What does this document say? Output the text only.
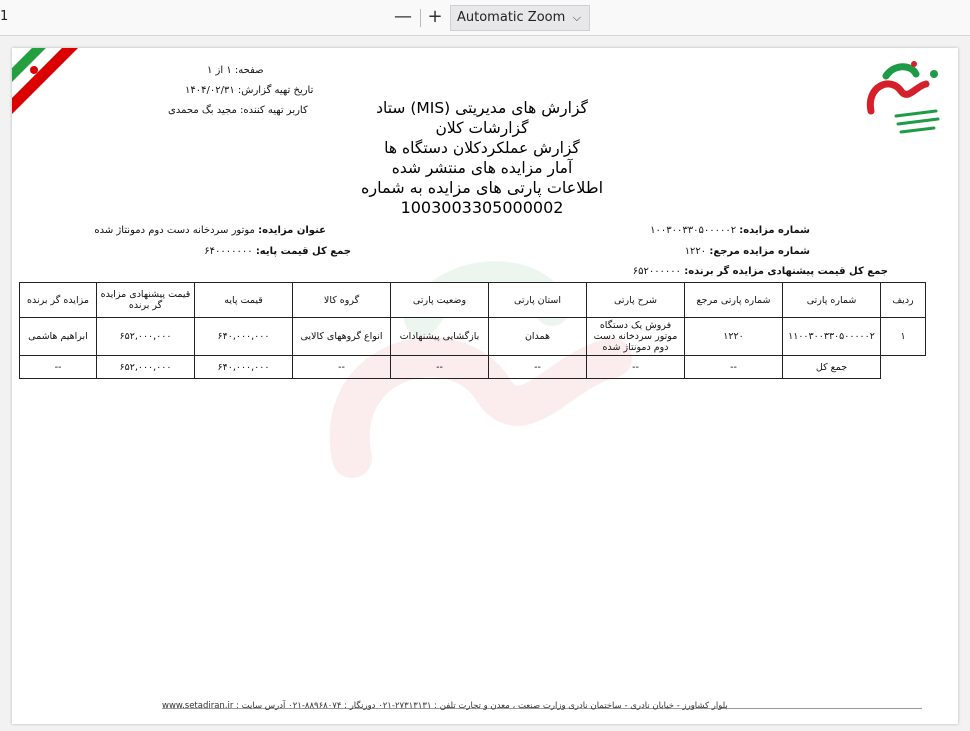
1	— +	Automatic Zoom ⌵
صفحه: ۱ از ۱
تاریخ تهیه گزارش: ۱۴۰۴/۰۲/۳۱
کاربر تهیه کننده: مجید بگ محمدی	گزارش های مدیریتی (MIS) ستاد
گزارشات کلان
گزارش عملکردکلان دستگاه ها
آمار مزایده های منتشر شده
اطلاعات پارتی های مزایده به شماره 1003003305000002
شماره مزایده: ۱۰۰۳۰۰۳۳۰۵۰۰۰۰۰۲
شماره مزایده مرجع: ۱۲۲۰
جمع کل قیمت پیشنهادی مزایده گر برنده: ۶۵۲۰۰۰۰۰۰
عنوان مزایده: موتور سردخانه دست دوم دمونتاژ شده
جمع کل قیمت پایه: ۶۴۰۰۰۰۰۰۰
ردیف	شماره پارتی	شماره پارتی مرجع	شرح پارتی	استان پارتی	وضعیت پارتی	گروه کالا	قیمت پایه	قیمت پیشنهادی مزایده گر برنده	مزایده گر برنده
۱	۱۱۰۰۳۰۰۳۳۰۵۰۰۰۰۰۲	۱۲۲۰	فروش یک دستگاه موتور سردخانه دست دوم دمونتاژ شده	همدان	بازگشایی پیشنهادات	انواع گروههای کالایی	۶۴۰,۰۰۰,۰۰۰	۶۵۲,۰۰۰,۰۰۰	ابراهیم هاشمی
	جمع کل	--	--	--	--	--	۶۴۰,۰۰۰,۰۰۰	۶۵۲,۰۰۰,۰۰۰	--
بلوار کشاورز - خیابان نادری - ساختمان نادری وزارت صنعت ، معدن و تجارت تلفن : ۲۷۳۱۳۱۳۱-۰۲۱ دورنگار : ۸۸۹۶۸۰۷۴-۰۲۱ آدرس سایت : www.setadiran.ir
